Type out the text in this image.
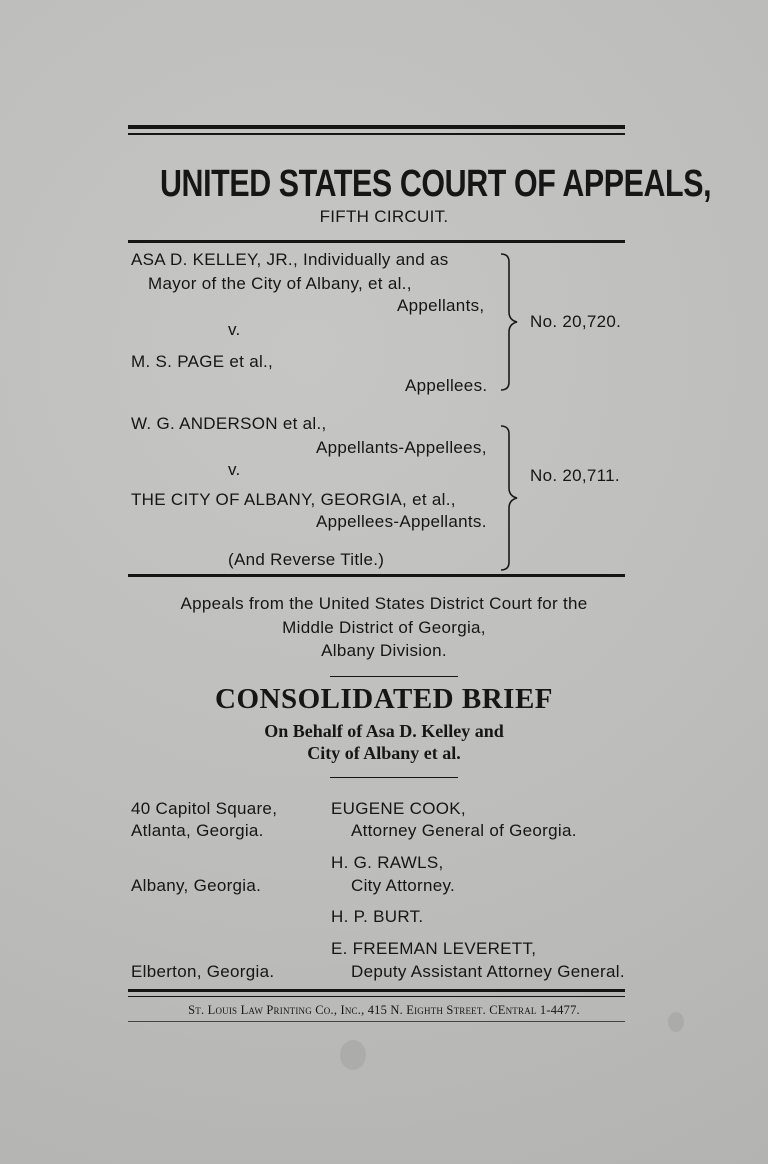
UNITED STATES COURT OF APPEALS,
FIFTH CIRCUIT.
ASA D. KELLEY, JR., Individually and as
Mayor of the City of Albany, et al.,
Appellants,
v.
M. S. PAGE et al.,
Appellees.
No. 20,720.
W. G. ANDERSON et al.,
Appellants-Appellees,
v.
THE CITY OF ALBANY, GEORGIA, et al.,
Appellees-Appellants.
(And Reverse Title.)
No. 20,711.
Appeals from the United States District Court for the
Middle District of Georgia,
Albany Division.
CONSOLIDATED BRIEF
On Behalf of Asa D. Kelley and
City of Albany et al.
40 Capitol Square,
Atlanta, Georgia.
EUGENE COOK,
Attorney General of Georgia.
H. G. RAWLS,
Albany, Georgia.	City Attorney.
H. P. BURT.
E. FREEMAN LEVERETT,
Elberton, Georgia.	Deputy Assistant Attorney General.
St. Louis Law Printing Co., Inc., 415 N. Eighth Street. CEntral 1-4477.
